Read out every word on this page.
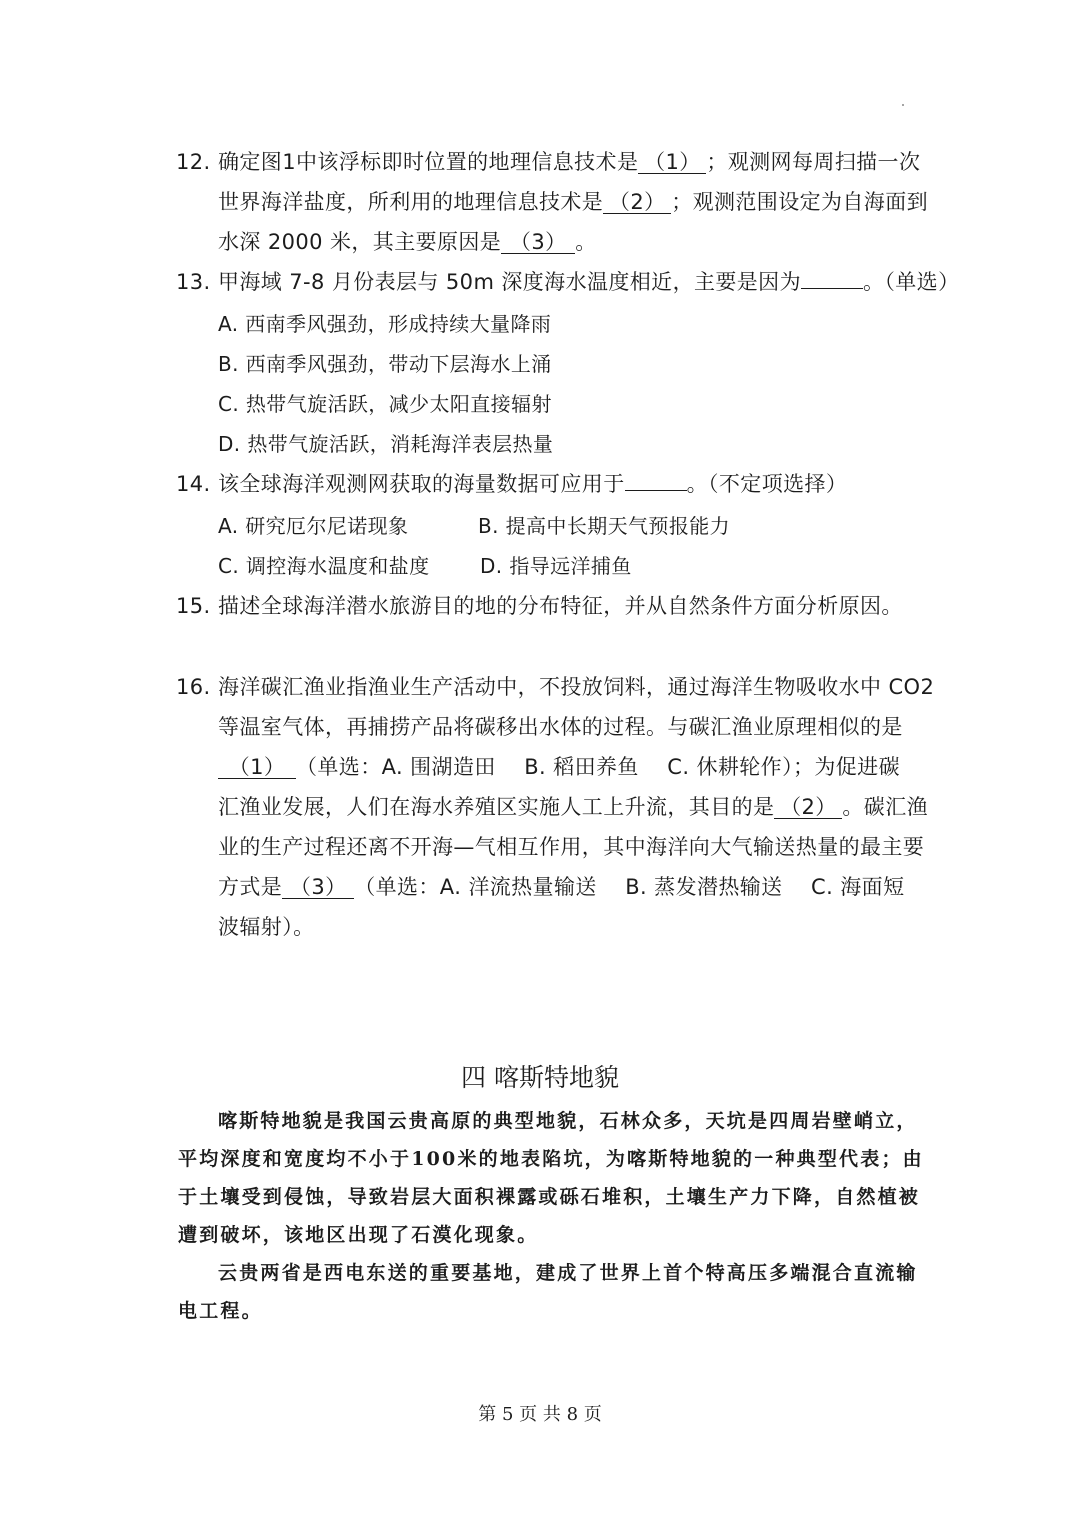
12. 确定图1中该浮标即时位置的地理信息技术是 （1） ；观测网每周扫描一次
世界海洋盐度，所利用的地理信息技术是 （2） ；观测范围设定为自海面到
水深 2000 米，其主要原因是 （3） 。
13. 甲海域 7-8 月份表层与 50m 深度海水温度相近，主要是因为	。（单选）
A. 西南季风强劲，形成持续大量降雨
B. 西南季风强劲，带动下层海水上涌
C. 热带气旋活跃，减少太阳直接辐射
D. 热带气旋活跃，消耗海洋表层热量
14. 该全球海洋观测网获取的海量数据可应用于	。（不定项选择）
A. 研究厄尔尼诺现象	B. 提高中长期天气预报能力
C. 调控海水温度和盐度	D. 指导远洋捕鱼
15. 描述全球海洋潜水旅游目的地的分布特征，并从自然条件方面分析原因。
16. 海洋碳汇渔业指渔业生产活动中，不投放饲料，通过海洋生物吸收水中 CO2
等温室气体，再捕捞产品将碳移出水体的过程。与碳汇渔业原理相似的是
（1） （单选：A. 围湖造田　 B. 稻田养鱼　 C. 休耕轮作）；为促进碳
汇渔业发展，人们在海水养殖区实施人工上升流，其目的是 （2） 。碳汇渔
业的生产过程还离不开海—气相互作用，其中海洋向大气输送热量的最主要
方式是 （3） （单选：A. 洋流热量输送　 B. 蒸发潜热输送　 C. 海面短
波辐射）。
四 喀斯特地貌
喀斯特地貌是我国云贵高原的典型地貌，石林众多，天坑是四周岩壁峭立，
平均深度和宽度均不小于100米的地表陷坑，为喀斯特地貌的一种典型代表；由
于土壤受到侵蚀，导致岩层大面积裸露或砾石堆积，土壤生产力下降，自然植被
遭到破坏，该地区出现了石漠化现象。
云贵两省是西电东送的重要基地，建成了世界上首个特高压多端混合直流输
电工程。
第 5 页 共 8 页
